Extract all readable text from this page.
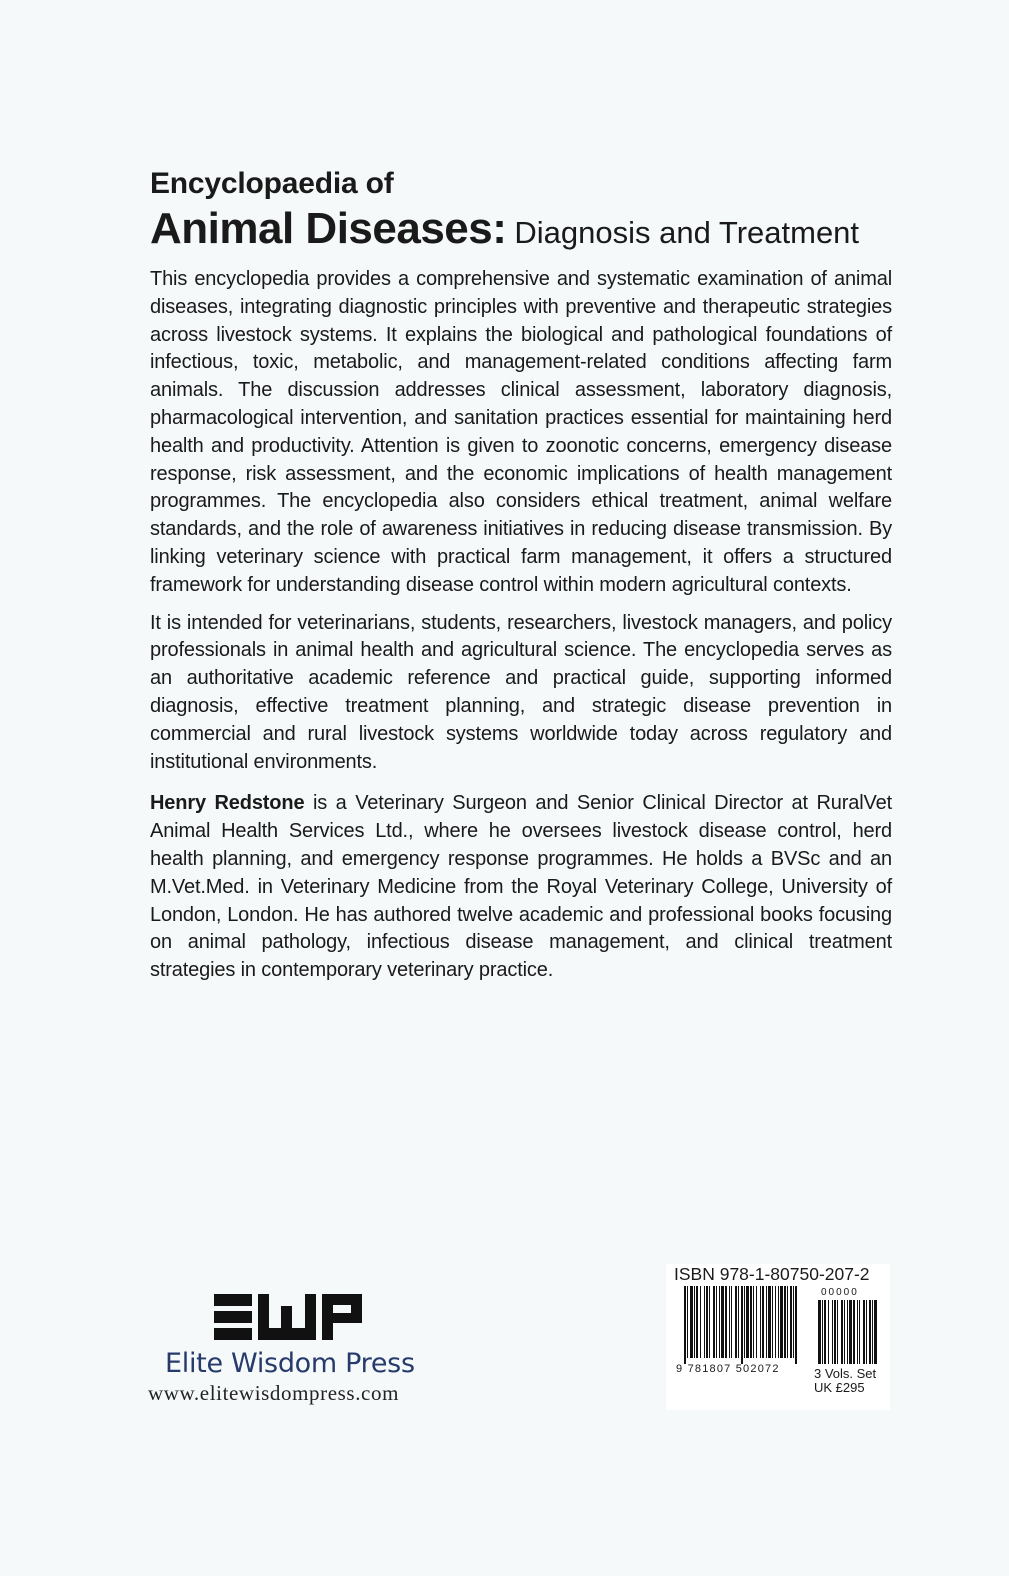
Encyclopaedia of
Animal Diseases: Diagnosis and Treatment

This encyclopedia provides a comprehensive and systematic examination of animal diseases, integrating diagnostic principles with preventive and therapeutic strategies across livestock systems. It explains the biological and pathological foundations of infectious, toxic, metabolic, and management-related conditions affecting farm animals. The discussion addresses clinical assessment, laboratory diagnosis, pharmacological intervention, and sanitation practices essential for maintaining herd health and productivity. Attention is given to zoonotic concerns, emergency disease response, risk assessment, and the economic implications of health management programmes. The encyclopedia also considers ethical treatment, animal welfare standards, and the role of awareness initiatives in reducing disease transmission. By linking veterinary science with practical farm management, it offers a structured framework for understanding disease control within modern agricultural contexts.

It is intended for veterinarians, students, researchers, livestock managers, and policy professionals in animal health and agricultural science. The encyclopedia serves as an authoritative academic reference and practical guide, supporting informed diagnosis, effective treatment planning, and strategic disease prevention in commercial and rural livestock systems worldwide today across regulatory and institutional environments.

Henry Redstone is a Veterinary Surgeon and Senior Clinical Director at RuralVet Animal Health Services Ltd., where he oversees livestock disease control, herd health planning, and emergency response programmes. He holds a BVSc and an M.Vet.Med. in Veterinary Medicine from the Royal Veterinary College, University of London, London. He has authored twelve academic and professional books focusing on animal pathology, infectious disease management, and clinical treatment strategies in contemporary veterinary practice.

Elite Wisdom Press
www.elitewisdompress.com
ISBN 978-1-80750-207-2
9 781807 502072
00000
3 Vols. Set
UK £295
